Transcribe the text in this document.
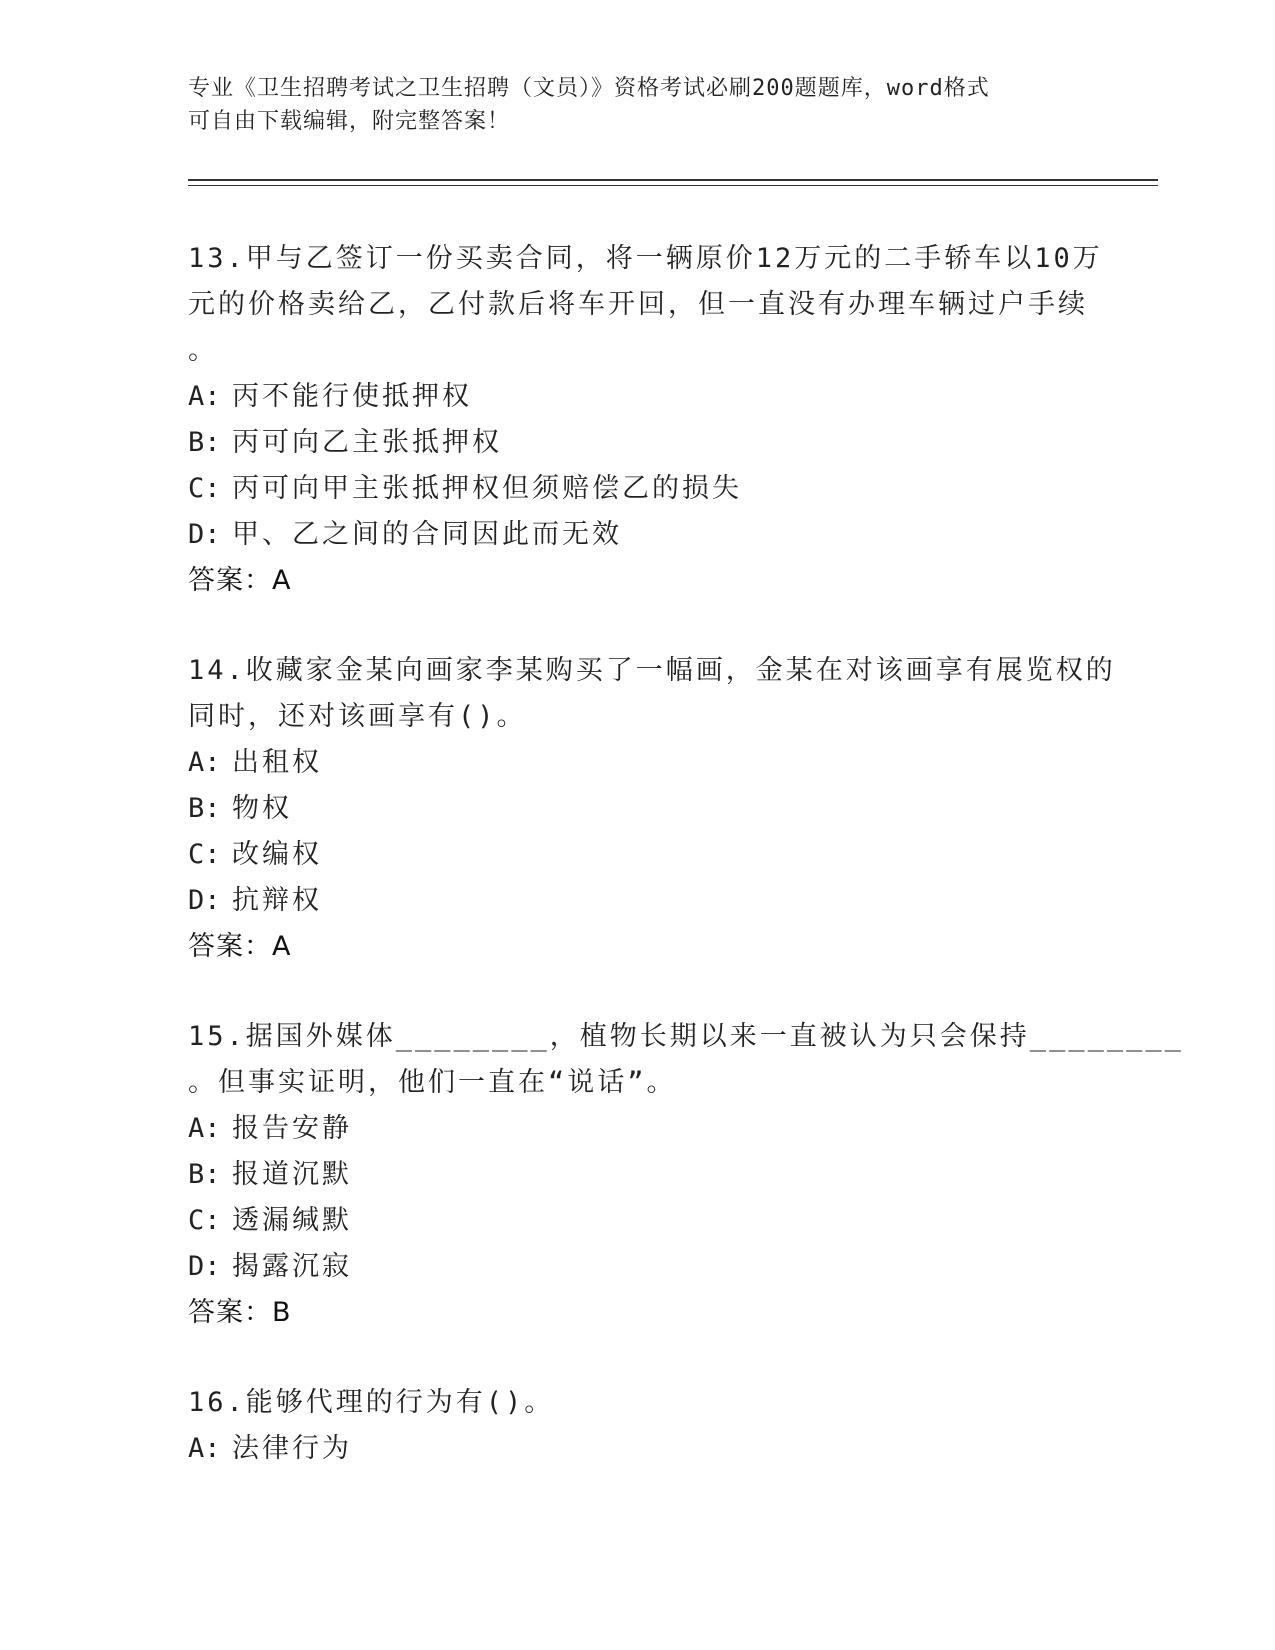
专业《卫生招聘考试之卫生招聘（文员）》资格考试必刷200题题库，word格式
可自由下载编辑，附完整答案！
13.甲与乙签订一份买卖合同，将一辆原价12万元的二手轿车以10万
元的价格卖给乙，乙付款后将车开回，但一直没有办理车辆过户手续
。
A: 丙不能行使抵押权
B: 丙可向乙主张抵押权
C: 丙可向甲主张抵押权但须赔偿乙的损失
D: 甲、乙之间的合同因此而无效
答案：A
14.收藏家金某向画家李某购买了一幅画，金某在对该画享有展览权的
同时，还对该画享有()。
A: 出租权
B: 物权
C: 改编权
D: 抗辩权
答案：A
15.据国外媒体________，植物长期以来一直被认为只会保持________
。但事实证明，他们一直在“说话”。
A: 报告安静
B: 报道沉默
C: 透漏缄默
D: 揭露沉寂
答案：B
16.能够代理的行为有()。
A: 法律行为
